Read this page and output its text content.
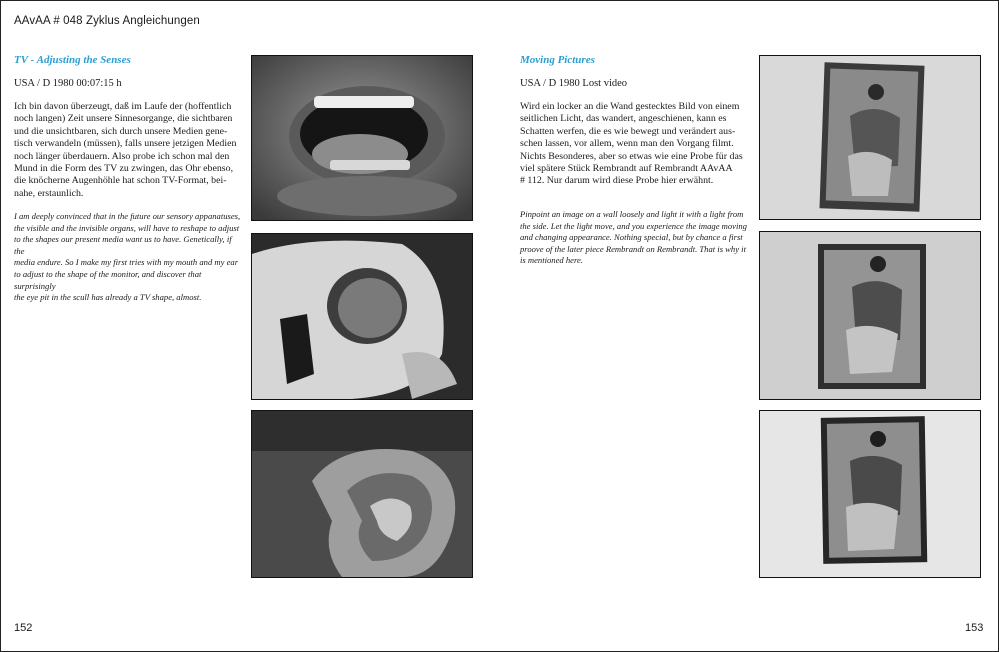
AAvAA # 048 Zyklus Angleichungen
TV - Adjusting the Senses
USA / D 1980 00:07:15 h
Ich bin davon überzeugt, daß im Laufe der (hoffentlich
noch langen) Zeit unsere Sinnesorgange, die sichtbaren
und die unsichtbaren, sich durch unsere Medien gene-
tisch verwandeln (müssen), falls unsere jetzigen Medien
noch länger überdauern. Also probe ich schon mal den
Mund in die Form des TV zu zwingen, das Ohr ebenso,
die knöcherne Augenhöhle hat schon TV-Format, bei-
nahe, erstaunlich.
I am deeply convinced that in the future our sensory appanatuses,
the visible and the invisible organs, will have to reshape to adjust
to the shapes our present media want us to have. Genetically, if the
media endure. So I make my first tries with my mouth and my ear
to adjust to the shape of the monitor, and discover that surprisingly
the eye pit in the scull has already a TV shape, almost.
152
Moving Pictures
USA / D 1980 Lost video
Wird ein locker an die Wand gestecktes Bild von einem
seitlichen Licht, das wandert, angeschienen, kann es
Schatten werfen, die es wie bewegt und verändert aus-
schen lassen, vor allem, wenn man den Vorgang filmt.
Nichts Besonderes, aber so etwas wie eine Probe für das
viel spätere Stück Rembrandt auf Rembrandt AAvAA
# 112. Nur darum wird diese Probe hier erwähnt.
Pinpoint an image on a wall loosely and light it with a light from
the side. Let the light move, and you experience the image moving
and changing appearance. Nothing special, but by chance a first
proove of the later piece Rembrandt on Rembrandt. That is why it
is mentioned here.
153
